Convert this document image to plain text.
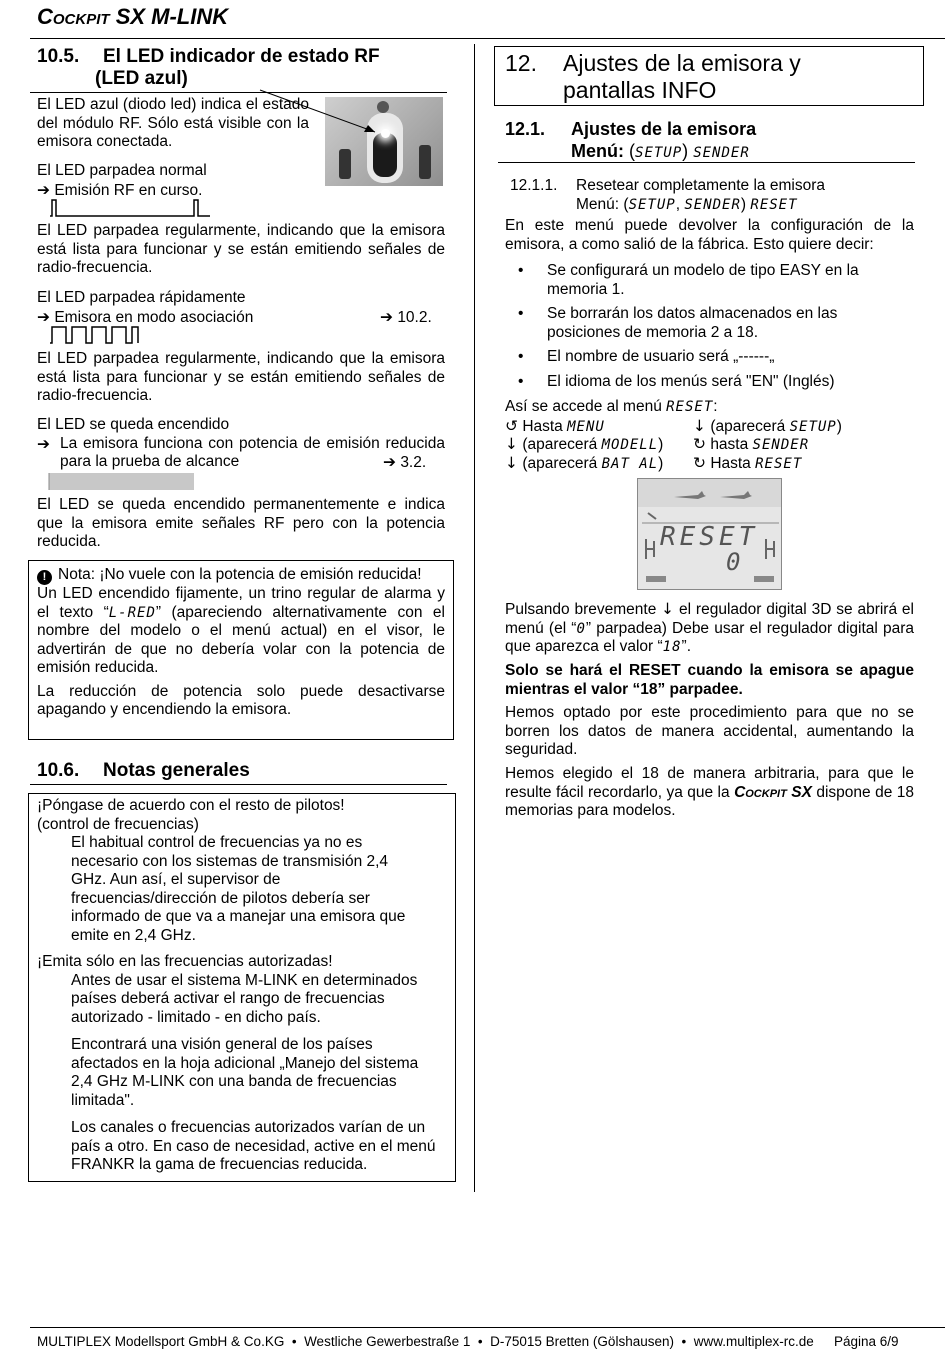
Cockpit SX M-LINK
10.5. El LED indicador de estado RF
(LED azul)
El LED azul (diodo led) indica el estado del módulo RF. Sólo está visible con la emisora conectada.
El LED parpadea normal
➔ Emisión RF en curso.
El LED parpadea regularmente, indicando que la emisora está lista para funcionar y se están emitiendo señales de radio-frecuencia.
El LED parpadea rápidamente
➔ Emisora en modo asociación	➔ 10.2.
El LED parpadea regularmente, indicando que la emisora está lista para funcionar y se están emitiendo señales de radio-frecuencia.
El LED se queda encendido
➔ La emisora funciona con potencia de emisión reducida para la prueba de alcance	➔ 3.2.
El LED se queda encendido permanentemente e indica que la emisora emite señales RF pero con la potencia reducida.
! Nota: ¡No vuele con la potencia de emisión reducida!
Un LED encendido fijamente, un trino regular de alarma y el texto “L-RED” (apareciendo alternativamente con el nombre del modelo o el menú actual) en el visor, le advertirán de que no debería volar con la potencia de emisión reducida.
La reducción de potencia solo puede desactivarse apagando y encendiendo la emisora.
10.6. Notas generales
¡Póngase de acuerdo con el resto de pilotos!
(control de frecuencias)
El habitual control de frecuencias ya no es necesario con los sistemas de transmisión 2,4 GHz. Aun así, el supervisor de frecuencias/dirección de pilotos debería ser informado de que va a manejar una emisora que emite en 2,4 GHz.
¡Emita sólo en las frecuencias autorizadas!
Antes de usar el sistema M-LINK en determinados países deberá activar el rango de frecuencias autorizado - limitado - en dicho país.
Encontrará una visión general de los países afectados en la hoja adicional „Manejo del sistema 2,4 GHz M-LINK con una banda de frecuencias limitada".
Los canales o frecuencias autorizados varían de un país a otro. En caso de necesidad, active en el menú FRANKR la gama de frecuencias reducida.
12. Ajustes de la emisora y
pantallas INFO
12.1. Ajustes de la emisora
Menú: (SETUP) SENDER
12.1.1. Resetear completamente la emisora
Menú: (SETUP, SENDER) RESET
En este menú puede devolver la configuración de la emisora, a como salió de la fábrica. Esto quiere decir:
• Se configurará un modelo de tipo EASY en la memoria 1.
• Se borrarán los datos almacenados en las posiciones de memoria 2 a 18.
• El nombre de usuario será „------„
• El idioma de los menús será "EN" (Inglés)
Así se accede al menú RESET:
↺ Hasta MENU	↓ (aparecerá SETUP)
↓ (aparecerá MODELL) ↻ hasta SENDER
↓ (aparecerá BAT AL) ↻ Hasta RESET
RESET
0
Pulsando brevemente ↓ el regulador digital 3D se abrirá el menú (el “0” parpadea) Debe usar el regulador digital para que aparezca el valor “18”.
Solo se hará el RESET cuando la emisora se apague mientras el valor “18” parpadee.
Hemos optado por este procedimiento para que no se borren los datos de manera accidental, aumentando la seguridad.
Hemos elegido el 18 de manera arbitraria, para que le resulte fácil recordarlo, ya que la Cockpit SX dispone de 18 memorias para modelos.
MULTIPLEX Modellsport GmbH & Co.KG  •  Westliche Gewerbestraße 1  •  D-75015 Bretten (Gölshausen)  •  www.multiplex-rc.de Página 6/9
